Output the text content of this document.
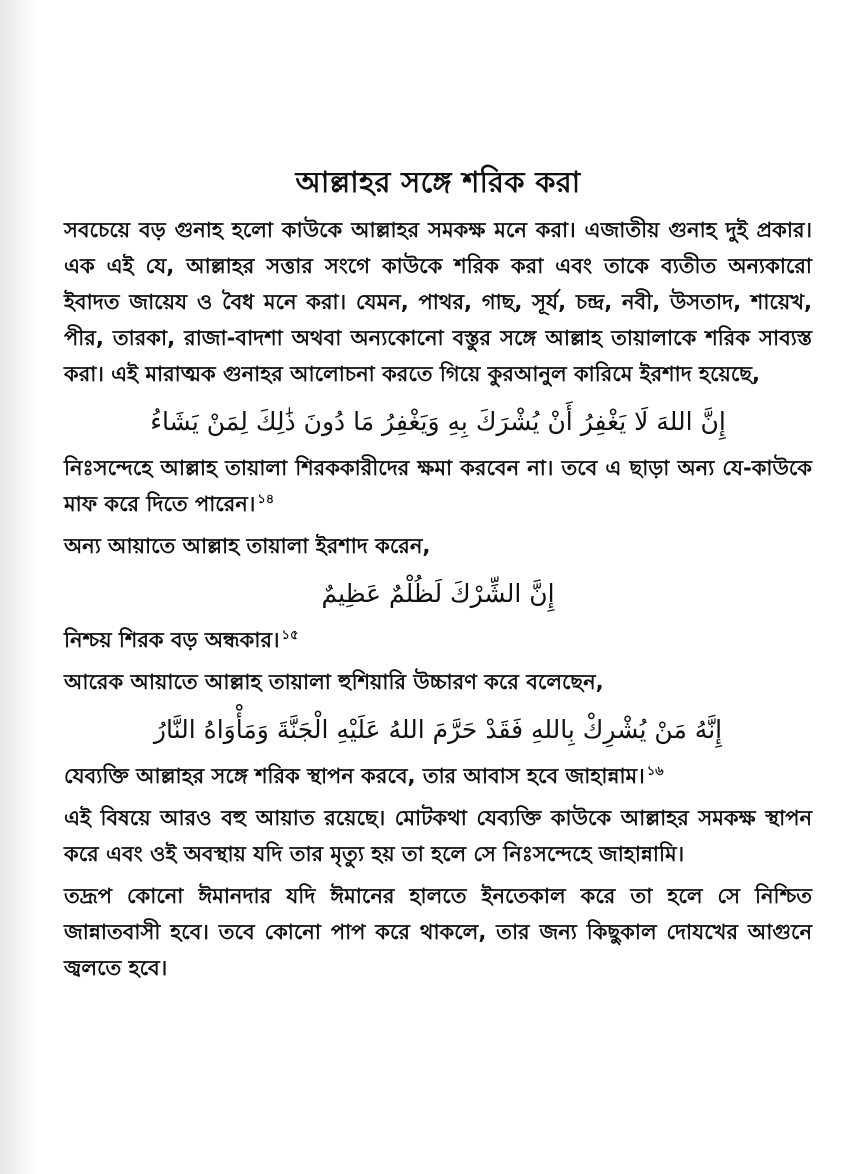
আল্লাহর সঙ্গে শরিক করা

সবচেয়ে বড় গুনাহ হলো কাউকে আল্লাহর সমকক্ষ মনে করা। এজাতীয় গুনাহ দুই প্রকার। এক এই যে, আল্লাহর সত্তার সংগে কাউকে শরিক করা এবং তাকে ব্যতীত অন্যকারো ইবাদত জায়েয ও বৈধ মনে করা। যেমন, পাথর, গাছ, সূর্য, চন্দ্র, নবী, উসতাদ, শায়েখ, পীর, তারকা, রাজা-বাদশা অথবা অন্যকোনো বস্তুর সঙ্গে আল্লাহ তায়ালাকে শরিক সাব্যস্ত করা। এই মারাত্মক গুনাহর আলোচনা করতে গিয়ে কুরআনুল কারিমে ইরশাদ হয়েছে,

إِنَّ اللهَ لَا يَغْفِرُ أَنْ يُشْرَكَ بِهِ وَيَغْفِرُ مَا دُونَ ذَٰلِكَ لِمَنْ يَشَاءُ

নিঃসন্দেহে আল্লাহ তায়ালা শিরককারীদের ক্ষমা করবেন না। তবে এ ছাড়া অন্য যে-কাউকে মাফ করে দিতে পারেন। $^{১৪}$

অন্য আয়াতে আল্লাহ তায়ালা ইরশাদ করেন,

إِنَّ الشِّرْكَ لَظُلْمٌ عَظِيمٌ

নিশ্চয় শিরক বড় অন্ধকার। $^{১৫}$

আরেক আয়াতে আল্লাহ তায়ালা হুশিয়ারি উচ্চারণ করে বলেছেন,

إِنَّهُ مَنْ يُشْرِكْ بِاللهِ فَقَدْ حَرَّمَ اللهُ عَلَيْهِ الْجَنَّةَ وَمَأْوَاهُ النَّارُ

যেব্যক্তি আল্লাহর সঙ্গে শরিক স্থাপন করবে, তার আবাস হবে জাহান্নাম। $^{১৬}$

এই বিষয়ে আরও বহু আয়াত রয়েছে। মোটকথা যেব্যক্তি কাউকে আল্লাহর সমকক্ষ স্থাপন করে এবং ওই অবস্থায় যদি তার মৃত্যু হয় তা হলে সে নিঃসন্দেহে জাহান্নামি।

তদ্রূপ কোনো ঈমানদার যদি ঈমানের হালতে ইনতেকাল করে তা হলে সে নিশ্চিত জান্নাতবাসী হবে। তবে কোনো পাপ করে থাকলে, তার জন্য কিছুকাল দোযখের আগুনে জ্বলতে হবে।
